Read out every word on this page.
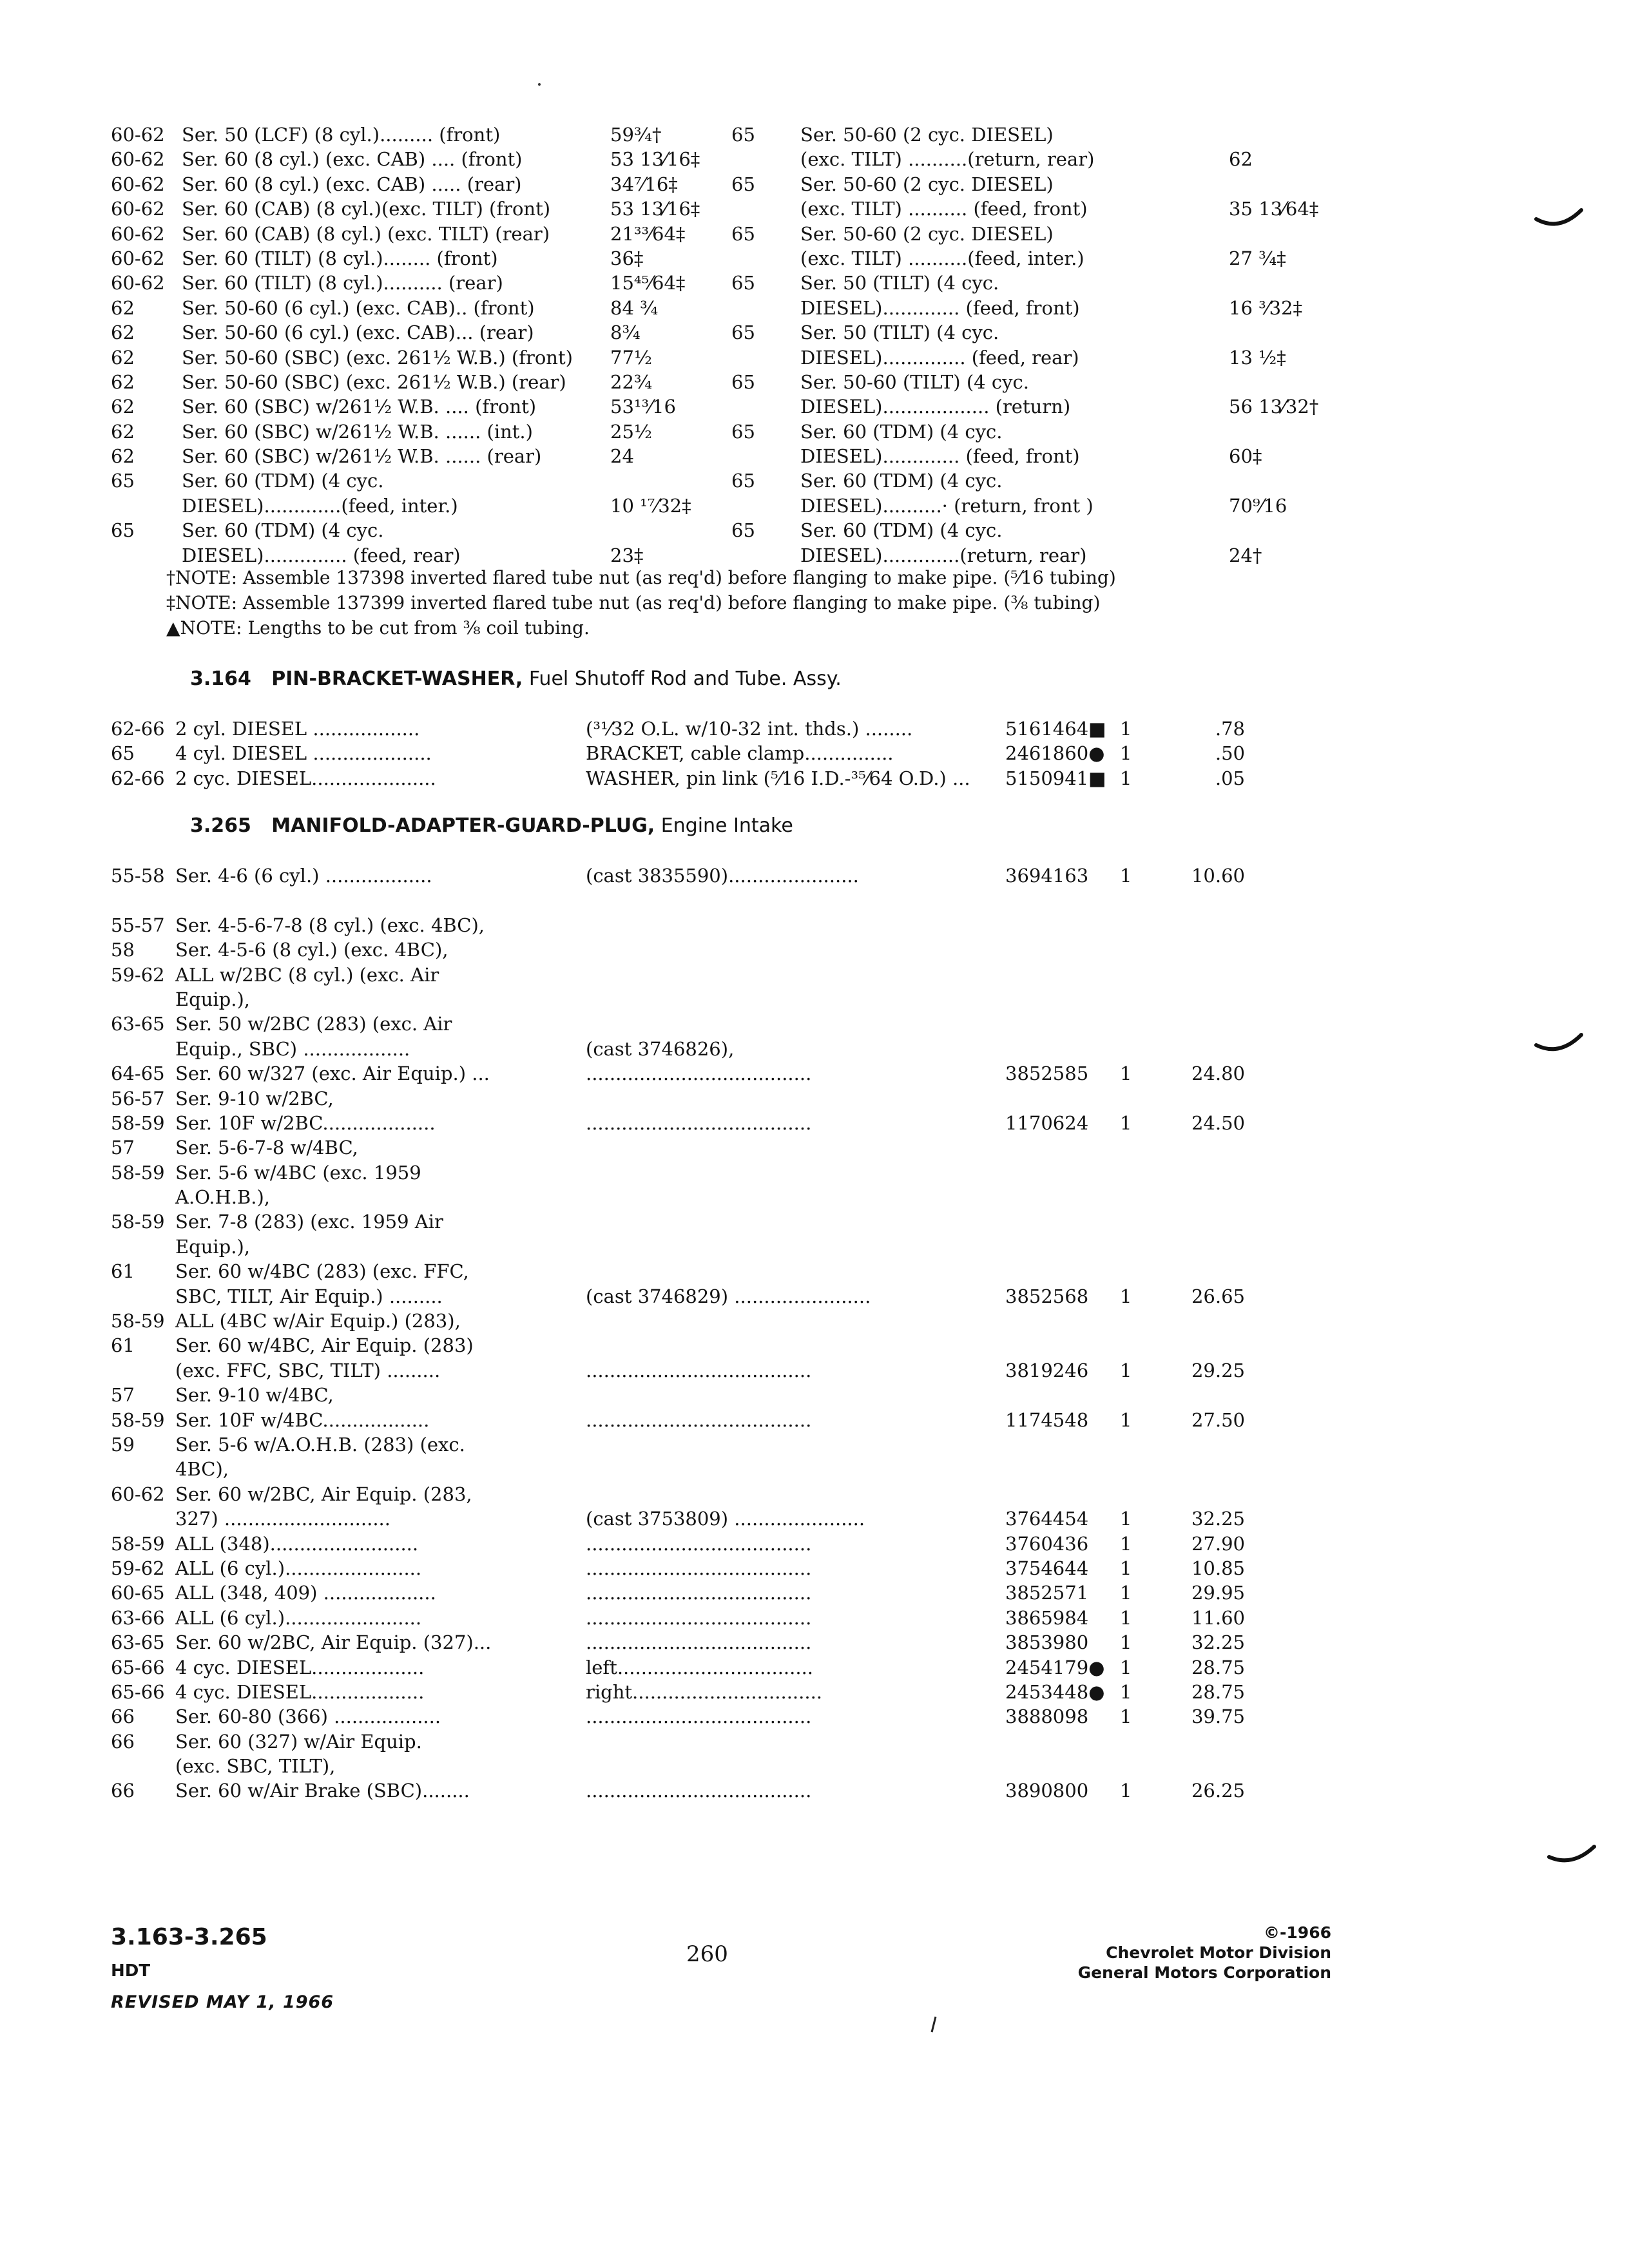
60-62 Ser. 50 (LCF) (8 cyl.)......... (front)	59¾†	65 Ser. 50-60 (2 cyc. DIESEL)
60-62 Ser. 60 (8 cyl.) (exc. CAB) .... (front)	53 13⁄16‡	(exc. TILT) ..........(return, rear)	62
60-62 Ser. 60 (8 cyl.) (exc. CAB) ..... (rear)	34⁷⁄16‡	65 Ser. 50-60 (2 cyc. DIESEL)
60-62 Ser. 60 (CAB) (8 cyl.)(exc. TILT) (front)	53 13⁄16‡	(exc. TILT) .......... (feed, front)	35 13⁄64‡
60-62 Ser. 60 (CAB) (8 cyl.) (exc. TILT) (rear)	21³³⁄64‡ 65 Ser. 50-60 (2 cyc. DIESEL)
60-62 Ser. 60 (TILT) (8 cyl.)........ (front)	36‡	(exc. TILT) ..........(feed, inter.)	27 ¾‡
60-62 Ser. 60 (TILT) (8 cyl.).......... (rear)	15⁴⁵⁄64‡ 65 Ser. 50 (TILT) (4 cyc.
62	Ser. 50-60 (6 cyl.) (exc. CAB).. (front)	84 ¾	DIESEL)............. (feed, front)	16 ³⁄32‡
62	Ser. 50-60 (6 cyl.) (exc. CAB)... (rear)	8¾	65 Ser. 50 (TILT) (4 cyc.
62	Ser. 50-60 (SBC) (exc. 261½ W.B.) (front) 77½	DIESEL).............. (feed, rear)	13 ½‡
62	Ser. 50-60 (SBC) (exc. 261½ W.B.) (rear) 22¾	65 Ser. 50-60 (TILT) (4 cyc.
62	Ser. 60 (SBC) w/261½ W.B. .... (front)	53¹³⁄16	DIESEL).................. (return)	56 13⁄32†
62	Ser. 60 (SBC) w/261½ W.B. ...... (int.)	25½	65 Ser. 60 (TDM) (4 cyc.
62	Ser. 60 (SBC) w/261½ W.B. ...... (rear)	24	DIESEL)............. (feed, front)	60‡
65	Ser. 60 (TDM) (4 cyc.	65 Ser. 60 (TDM) (4 cyc.
DIESEL).............(feed, inter.)	10 ¹⁷⁄32‡	DIESEL)..........· (return, front )	70⁹⁄16
65	Ser. 60 (TDM) (4 cyc.	65 Ser. 60 (TDM) (4 cyc.
DIESEL).............. (feed, rear)	23‡	DIESEL).............(return, rear)	24†
†NOTE: Assemble 137398 inverted flared tube nut (as req'd) before flanging to make pipe. (⁵⁄16 tubing)
‡NOTE: Assemble 137399 inverted flared tube nut (as req'd) before flanging to make pipe. (⅜ tubing)
▲NOTE: Lengths to be cut from ⅜ coil tubing.
3.164 PIN-BRACKET-WASHER, Fuel Shutoff Rod and Tube. Assy.
62-66 2 cyl. DIESEL ..................	(³¹⁄32 O.L. w/10-32 int. thds.) ........	5161464■ 1	.78
65 4 cyl. DIESEL ....................	BRACKET, cable clamp...............	2461860● 1	.50
62-66 2 cyc. DIESEL.....................	WASHER, pin link (⁵⁄16 I.D.-³⁵⁄64 O.D.) ... 5150941■ 1	.05
3.265 MANIFOLD-ADAPTER-GUARD-PLUG, Engine Intake
55-58 Ser. 4-6 (6 cyl.) ..................	(cast 3835590)......................	3694163 1	10.60
55-57 Ser. 4-5-6-7-8 (8 cyl.) (exc. 4BC),
58 Ser. 4-5-6 (8 cyl.) (exc. 4BC),
59-62 ALL w/2BC (8 cyl.) (exc. Air
Equip.),
63-65 Ser. 50 w/2BC (283) (exc. Air
Equip., SBC) ..................	(cast 3746826),
64-65 Ser. 60 w/327 (exc. Air Equip.) ...	......................................	3852585 1	24.80
56-57 Ser. 9-10 w/2BC,
58-59 Ser. 10F w/2BC...................	......................................	1170624 1	24.50
57 Ser. 5-6-7-8 w/4BC,
58-59 Ser. 5-6 w/4BC (exc. 1959
A.O.H.B.),
58-59 Ser. 7-8 (283) (exc. 1959 Air
Equip.),
61 Ser. 60 w/4BC (283) (exc. FFC,
SBC, TILT, Air Equip.) .........	(cast 3746829) .......................	3852568 1	26.65
58-59 ALL (4BC w/Air Equip.) (283),
61 Ser. 60 w/4BC, Air Equip. (283)
(exc. FFC, SBC, TILT) .........	......................................	3819246 1	29.25
57 Ser. 9-10 w/4BC,
58-59 Ser. 10F w/4BC..................	......................................	1174548 1	27.50
59 Ser. 5-6 w/A.O.H.B. (283) (exc.
4BC),
60-62 Ser. 60 w/2BC, Air Equip. (283,
327) ............................	(cast 3753809) ......................	3764454 1	32.25
58-59 ALL (348).........................	......................................	3760436 1	27.90
59-62 ALL (6 cyl.).......................	......................................	3754644 1	10.85
60-65 ALL (348, 409) ...................	......................................	3852571 1	29.95
63-66 ALL (6 cyl.).......................	......................................	3865984 1	11.60
63-65 Ser. 60 w/2BC, Air Equip. (327)...	......................................	3853980 1	32.25
65-66 4 cyc. DIESEL...................	left.................................	2454179● 1	28.75
65-66 4 cyc. DIESEL...................	right................................	2453448● 1	28.75
66 Ser. 60-80 (366) ..................	......................................	3888098 1	39.75
66 Ser. 60 (327) w/Air Equip.
(exc. SBC, TILT),
66 Ser. 60 w/Air Brake (SBC)........	......................................	3890800 1	26.25
3.163-3.265
HDT
REVISED MAY 1, 1966
260
©-1966
Chevrolet Motor Division
General Motors Corporation
